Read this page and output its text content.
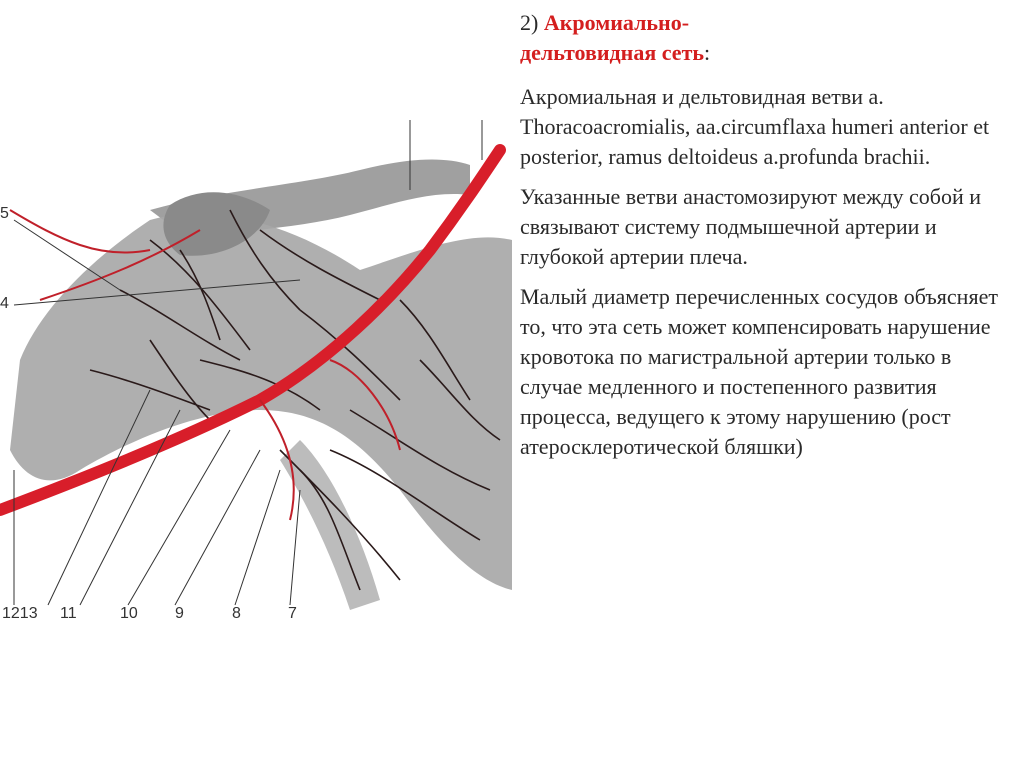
5
4
1213 11	10 9	8	7

2) Акромиально-
дельтовидная сеть:

Акромиальная и дельтовидная ветви a. Thoracoacromialis, aa.circumflaxa humeri anterior et posterior, ramus deltoideus a.profunda brachii.

Указанные ветви анастомозируют между собой и связывают систему подмышечной артерии и глубокой артерии плеча.

Малый диаметр перечисленных сосудов объясняет то, что эта сеть может компенсировать нарушение кровотока по магистральной артерии только в случае медленного и постепенного развития процесса, ведущего к этому нарушению (рост атеросклеротической бляшки)
